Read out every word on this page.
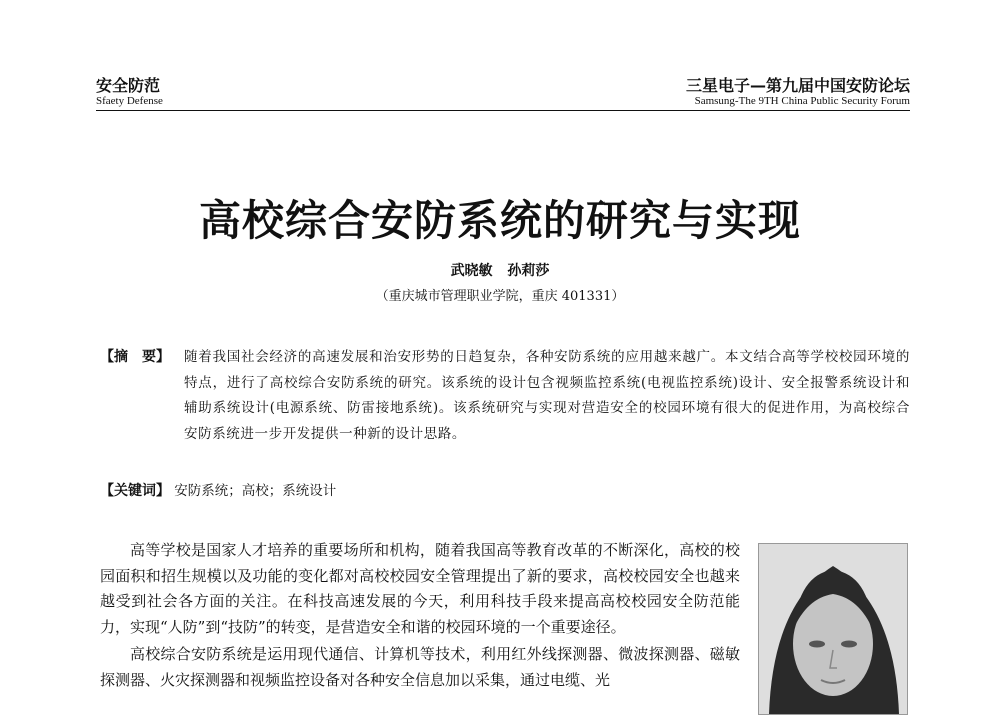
安全防范
Sfaety Defense
三星电子—第九届中国安防论坛
Samsung-The 9TH China Public Security Forum
高校综合安防系统的研究与实现
武晓敏 孙莉莎
（重庆城市管理职业学院，重庆 401331）
【摘　要】 随着我国社会经济的高速发展和治安形势的日趋复杂，各种安防系统的应用越来越广。本文结合高等学校校园环境的特点，进行了高校综合安防系统的研究。该系统的设计包含视频监控系统(电视监控系统)设计、安全报警系统设计和辅助系统设计(电源系统、防雷接地系统)。该系统研究与实现对营造安全的校园环境有很大的促进作用，为高校综合安防系统进一步开发提供一种新的设计思路。
【关键词】 安防系统；高校；系统设计

高等学校是国家人才培养的重要场所和机构，随着我国高等教育改革的不断深化，高校的校园面积和招生规模以及功能的变化都对高校校园安全管理提出了新的要求，高校校园安全也越来越受到社会各方面的关注。在科技高速发展的今天，利用科技手段来提高高校校园安全防范能力，实现“人防”到“技防”的转变，是营造安全和谐的校园环境的一个重要途径。

高校综合安防系统是运用现代通信、计算机等技术，利用红外线探测器、微波探测器、磁敏探测器、火灾探测器和视频监控设备对各种安全信息加以采集，通过电缆、光
